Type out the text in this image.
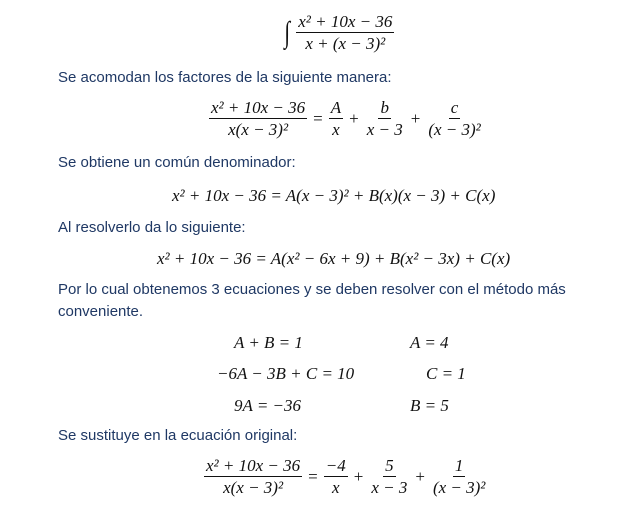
∫ $\frac{\text{x² + 10x − 36}}{\text{x + (x − 3)²}}$
Se acomodan los factores de la siguiente manera:
$\frac{\text{x² + 10x − 36}}{\text{x(x − 3)²}} = \frac{A}{x} + \frac{b}{x - 3} + \frac{c}{\text{(x − 3)²}}$
Se obtiene un común denominador:
x² + 10x − 36 = A(x − 3)² + B(x)(x − 3) + C(x)
Al resolverlo da lo siguiente:
x² + 10x − 36 = A(x² − 6x + 9) + B(x² − 3x) + C(x)
Por lo cual obtenemos 3 ecuaciones y se deben resolver con el método más
conveniente.
A + B = 1
−6A − 3B + C = 10
9A = −36
A = 4
C = 1
B = 5
Se sustituye en la ecuación original:
$\frac{\text{x² + 10x − 36}}{\text{x(x − 3)²}} = \frac{-4}{x} + \frac{5}{x - 3} + \frac{1}{\text{(x − 3)²}}$
